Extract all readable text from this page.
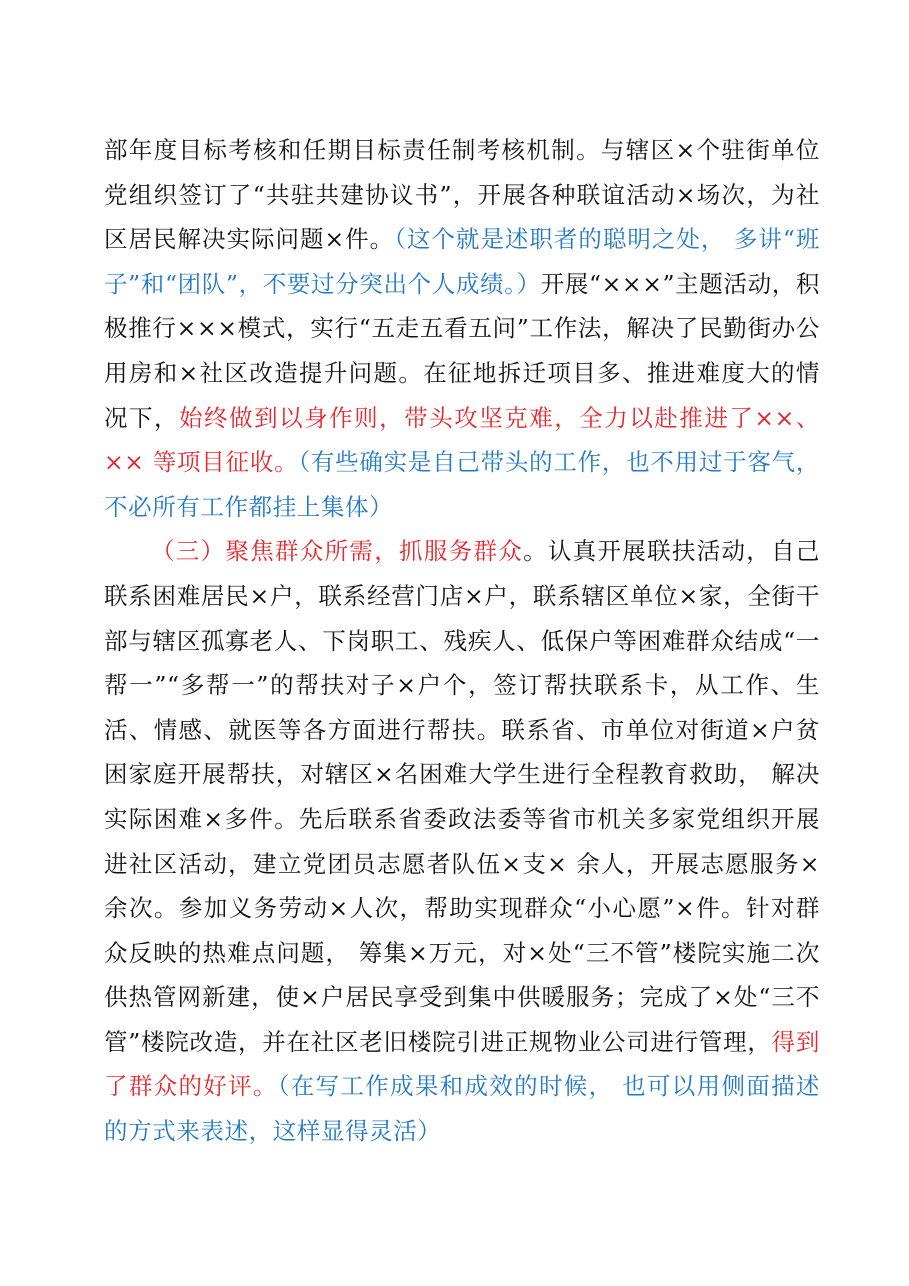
部年度目标考核和任期目标责任制考核机制。与辖区×个驻街单位党组织签订了“共驻共建协议书”，开展各种联谊活动×场次，为社区居民解决实际问题×件。（这个就是述职者的聪明之处， 多讲“班子”和“团队”，不要过分突出个人成绩。）开展“×××”主题活动，积极推行×××模式，实行“五走五看五问”工作法，解决了民勤街办公用房和×社区改造提升问题。在征地拆迁项目多、推进难度大的情况下，始终做到以身作则，带头攻坚克难，全力以赴推进了××、×× 等项目征收。（有些确实是自己带头的工作，也不用过于客气， 不必所有工作都挂上集体）

（三）聚焦群众所需，抓服务群众。认真开展联扶活动，自己联系困难居民×户，联系经营门店×户，联系辖区单位×家，全街干部与辖区孤寡老人、下岗职工、残疾人、低保户等困难群众结成“一帮一”“多帮一”的帮扶对子×户个，签订帮扶联系卡，从工作、生活、情感、就医等各方面进行帮扶。联系省、市单位对街道×户贫困家庭开展帮扶，对辖区×名困难大学生进行全程教育救助， 解决实际困难×多件。先后联系省委政法委等省市机关多家党组织开展进社区活动，建立党团员志愿者队伍×支× 余人，开展志愿服务×余次。参加义务劳动×人次，帮助实现群众“小心愿”×件。针对群众反映的热难点问题， 筹集×万元，对×处“三不管”楼院实施二次供热管网新建，使×户居民享受到集中供暖服务；完成了×处“三不管”楼院改造，并在社区老旧楼院引进正规物业公司进行管理，得到了群众的好评。（在写工作成果和成效的时候， 也可以用侧面描述的方式来表述，这样显得灵活）
